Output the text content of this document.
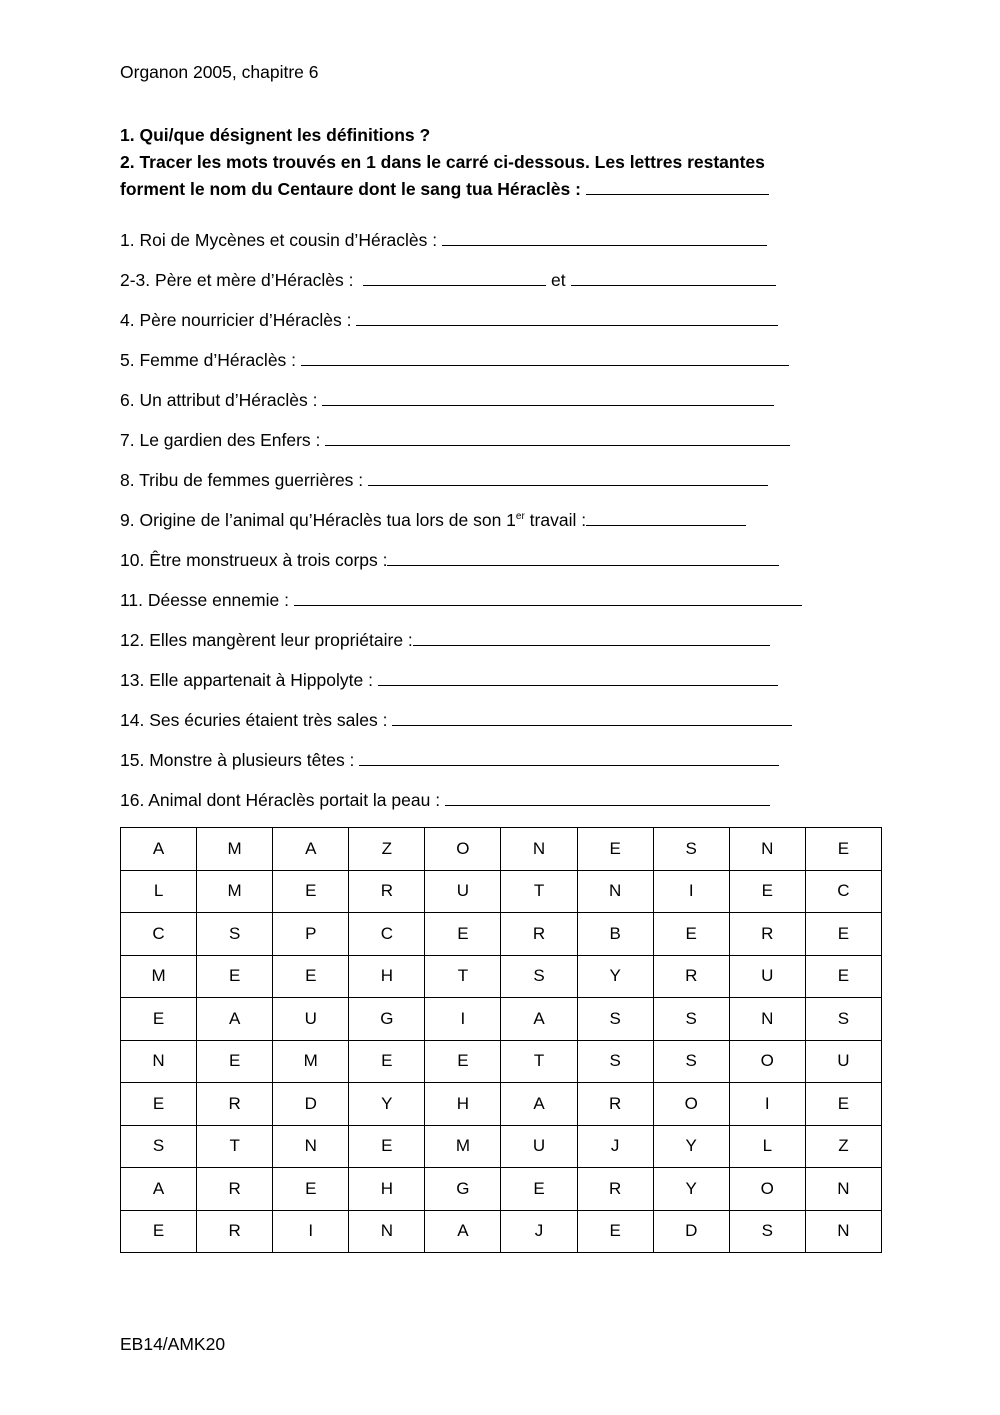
Organon 2005, chapitre 6
1. Qui/que désignent les définitions ?
2. Tracer les mots trouvés en 1 dans le carré ci-dessous. Les lettres restantes
forment le nom du Centaure dont le sang tua Héraclès :
1. Roi de Mycènes et cousin d’Héraclès :
2-3. Père et mère d’Héraclès :	et
4. Père nourricier d’Héraclès :
5. Femme d’Héraclès :
6. Un attribut d’Héraclès :
7. Le gardien des Enfers :
8. Tribu de femmes guerrières :
9. Origine de l’animal qu’Héraclès tua lors de son 1er travail :
10. Être monstrueux à trois corps :
11. Déesse ennemie :
12. Elles mangèrent leur propriétaire :
13. Elle appartenait à Hippolyte :
14. Ses écuries étaient très sales :
15. Monstre à plusieurs têtes :
16. Animal dont Héraclès portait la peau :
A	M	A	Z	O	N	E	S	N	E
L	M	E	R	U	T	N	I	E	C
C	S	P	C	E	R	B	E	R	E
M	E	E	H	T	S	Y	R	U	E
E	A	U	G	I	A	S	S	N	S
N	E	M	E	E	T	S	S	O	U
E	R	D	Y	H	A	R	O	I	E
S	T	N	E	M	U	J	Y	L	Z
A	R	E	H	G	E	R	Y	O	N
E	R	I	N	A	J	E	D	S	N
EB14/AMK20
